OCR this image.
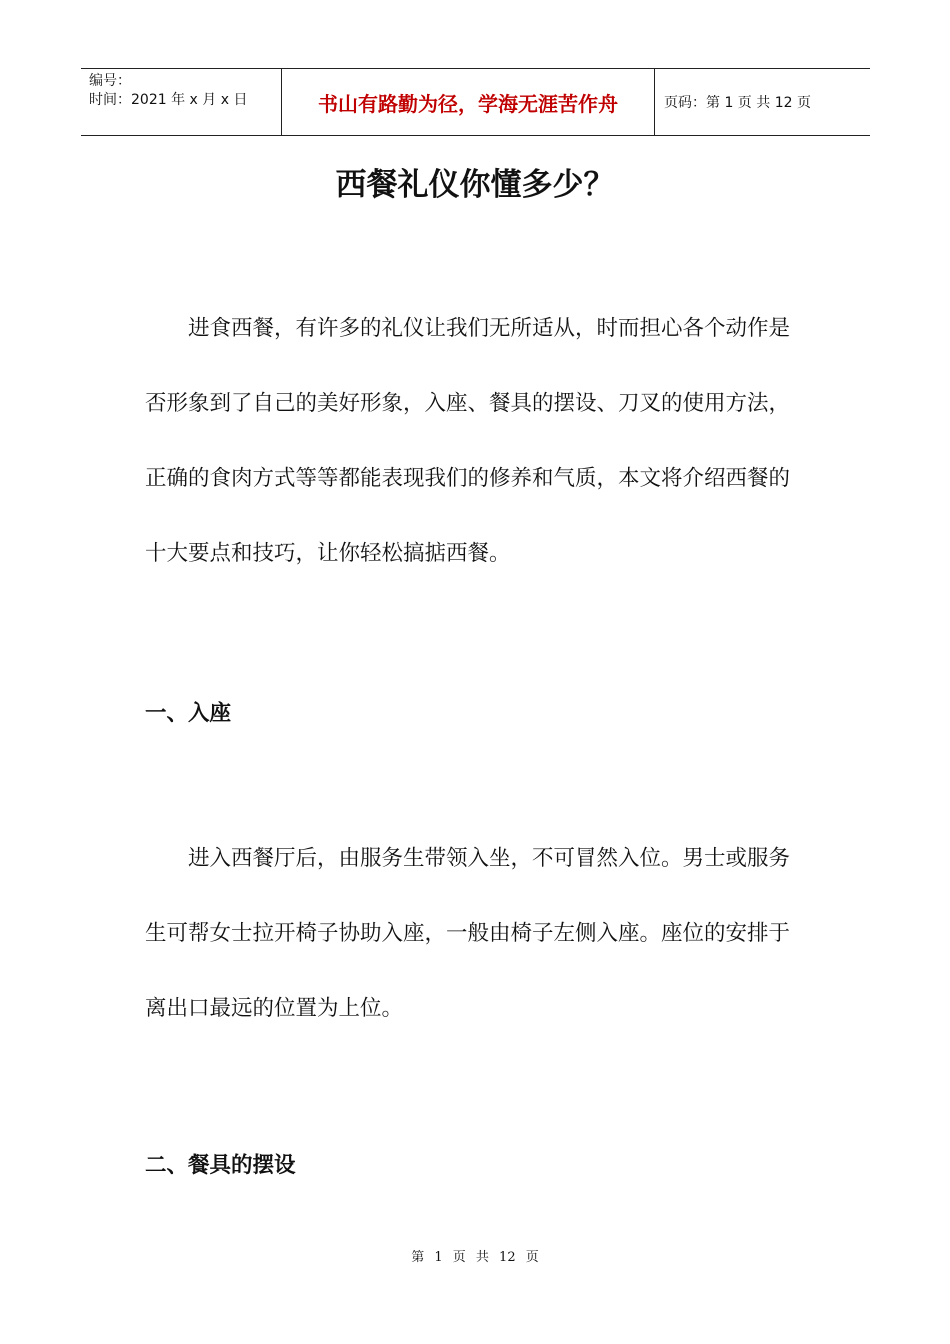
编号：
时间：2021 年 x 月 x 日	书山有路勤为径，学海无涯苦作舟	页码：第 1 页 共 12 页
西餐礼仪你懂多少？

进食西餐，有许多的礼仪让我们无所适从，时而担心各个动作是否形象到了自己的美好形象，入座、餐具的摆设、刀叉的使用方法，正确的食肉方式等等都能表现我们的修养和气质，本文将介绍西餐的十大要点和技巧，让你轻松搞掂西餐。

一、入座

进入西餐厅后，由服务生带领入坐，不可冒然入位。男士或服务生可帮女士拉开椅子协助入座，一般由椅子左侧入座。座位的安排于离出口最远的位置为上位。

二、餐具的摆设

第 1 页 共 12 页
